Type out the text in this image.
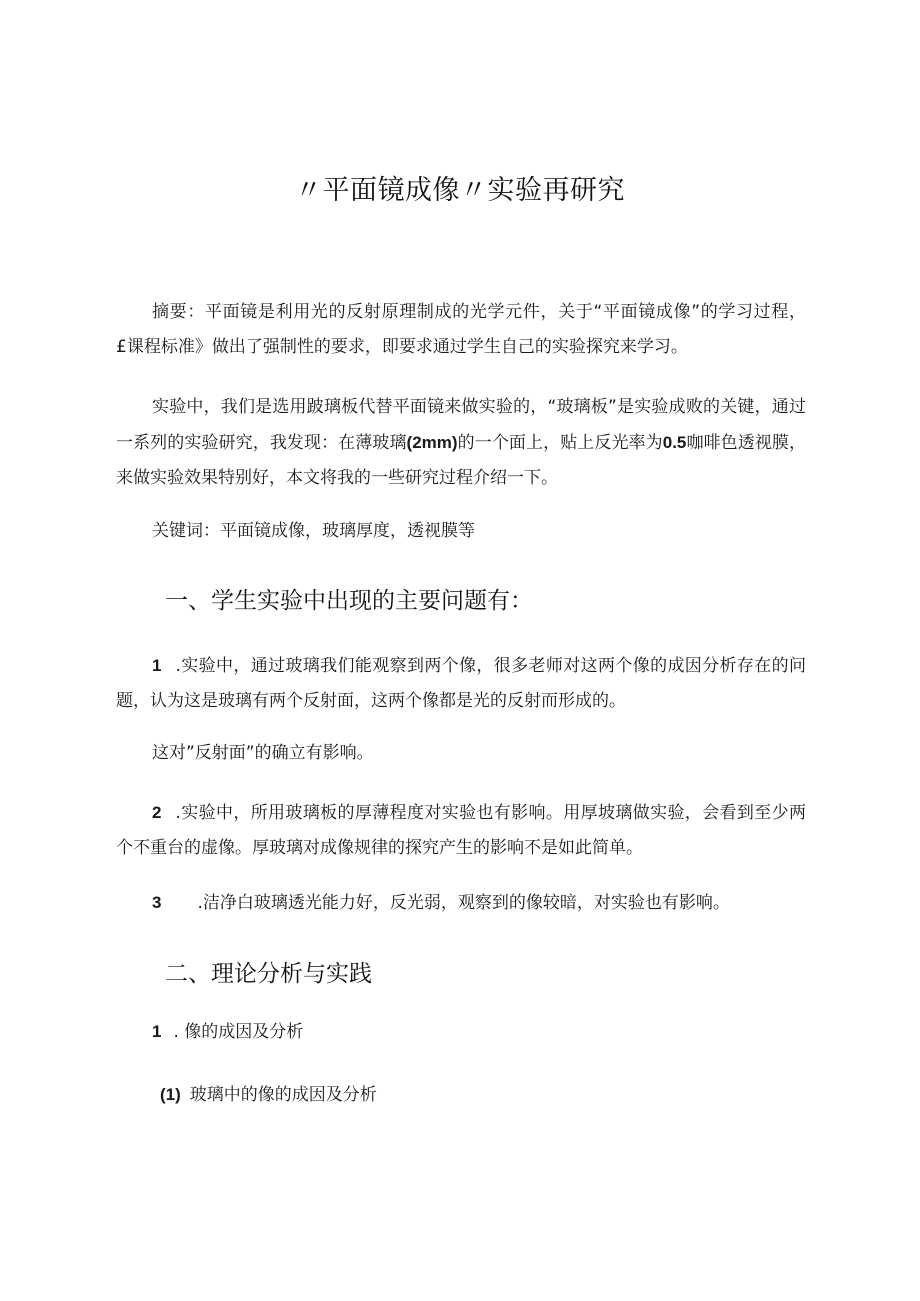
〃平面镜成像〃实验再研究
摘要：平面镜是利用光的反射原理制成的光学元件，关于“平面镜成像”的学习过程，£课程标准》做出了强制性的要求，即要求通过学生自己的实验探究来学习。
实验中，我们是选用跛璃板代替平面镜来做实验的，“玻璃板”是实验成败的关键，通过一系列的实验研究，我发现：在薄玻璃(2mm)的一个面上，贴上反光率为0.5咖啡色透视膜，来做实验效果特别好，本文将我的一些研究过程介绍一下。
关键词：平面镜成像，玻璃厚度，透视膜等
一、学生实验中出现的主要问题有：
1 .实验中，通过玻璃我们能观察到两个像，很多老师对这两个像的成因分析存在的问题，认为这是玻璃有两个反射面，这两个像都是光的反射而形成的。
这对”反射面”的确立有影响。
2 .实验中，所用玻璃板的厚薄程度对实验也有影响。用厚坡璃做实验，会看到至少两个不重台的虚像。厚玻璃对成像规律的探究产生的影响不是如此简单。
3 .洁净白玻璃透光能力好，反光弱，观察到的像较暗，对实验也有影响。
二、理论分析与实践
1 . 像的成因及分析
(1) 玻璃中的像的成因及分析
